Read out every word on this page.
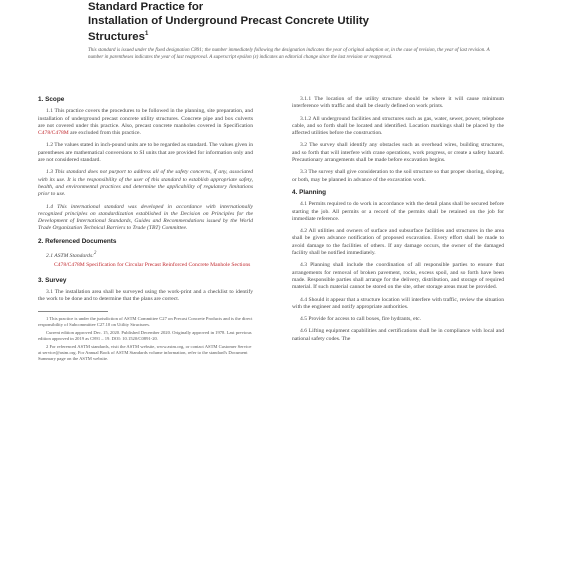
Standard Practice for
Installation of Underground Precast Concrete Utility
Structures$^1$
This standard is issued under the fixed designation C891; the number immediately following the designation indicates the year of original adoption or, in the case of revision, the year of last revision. A number in parentheses indicates the year of last reapproval. A superscript epsilon (ε) indicates an editorial change since the last revision or reapproval.
1. Scope
1.1 This practice covers the procedures to be followed in the planning, site preparation, and installation of underground precast concrete utility structures. Concrete pipe and box culverts are not covered under this practice. Also, precast concrete manholes covered in Specification C478/C478M are excluded from this practice.
1.2 The values stated in inch-pound units are to be regarded as standard. The values given in parentheses are mathematical conversions to SI units that are provided for information only and are not considered standard.
1.3 This standard does not purport to address all of the safety concerns, if any, associated with its use. It is the responsibility of the user of this standard to establish appropriate safety, health, and environmental practices and determine the applicability of regulatory limitations prior to use.
1.4 This international standard was developed in accordance with internationally recognized principles on standardization established in the Decision on Principles for the Development of International Standards, Guides and Recommendations issued by the World Trade Organization Technical Barriers to Trade (TBT) Committee.
2. Referenced Documents
2.1 ASTM Standards:$^2$
C478/C478M Specification for Circular Precast Reinforced Concrete Manhole Sections
3. Survey
3.1 The installation area shall be surveyed using the work-print and a checklist to identify the work to be done and to determine that the plans are correct.
1 This practice is under the jurisdiction of ASTM Committee C27 on Precast Concrete Products and is the direct responsibility of Subcommittee C27.10 on Utility Structures.
Current edition approved Dec. 15, 2020. Published December 2020. Originally approved in 1978. Last previous edition approved in 2019 as C891 – 19. DOI: 10.1520/C0891-20.
2 For referenced ASTM standards, visit the ASTM website, www.astm.org, or contact ASTM Customer Service at service@astm.org. For Annual Book of ASTM Standards volume information, refer to the standard's Document Summary page on the ASTM website.
3.1.1 The location of the utility structure should be where it will cause minimum interference with traffic and shall be clearly defined on work prints.
3.1.2 All underground facilities and structures such as gas, water, sewer, power, telephone cable, and so forth shall be located and identified. Location markings shall be placed by the affected utilities before the construction.
3.2 The survey shall identify any obstacles such as overhead wires, building structures, and so forth that will interfere with crane operations, work progress, or create a safety hazard. Precautionary arrangements shall be made before excavation begins.
3.3 The survey shall give consideration to the soil structure so that proper shoring, sloping, or both, may be planned in advance of the excavation work.
4. Planning
4.1 Permits required to do work in accordance with the detail plans shall be secured before starting the job. All permits or a record of the permits shall be retained on the job for immediate reference.
4.2 All utilities and owners of surface and subsurface facilities and structures in the area shall be given advance notification of proposed excavation. Every effort shall be made to avoid damage to the facilities of others. If any damage occurs, the owner of the damaged facility shall be notified immediately.
4.3 Planning shall include the coordination of all responsible parties to ensure that arrangements for removal of broken pavement, rocks, excess spoil, and so forth have been made. Responsible parties shall arrange for the delivery, distribution, and storage of required material. If such material cannot be stored on the site, other storage areas must be provided.
4.4 Should it appear that a structure location will interfere with traffic, review the situation with the engineer and notify appropriate authorities.
4.5 Provide for access to call boxes, fire hydrants, etc.
4.6 Lifting equipment capabilities and certifications shall be in compliance with local and national safety codes. The
